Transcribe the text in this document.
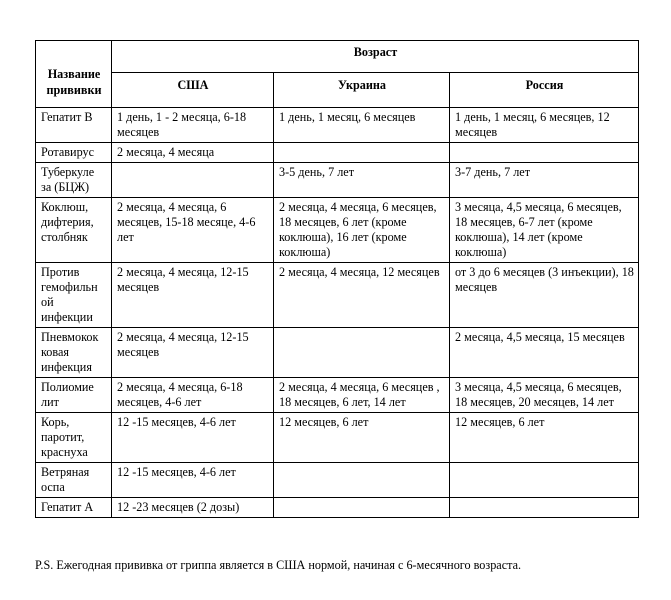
Название прививки	Возраст		
	США	Украина	Россия
Гепатит В	1 день, 1 - 2 месяца, 6-18 месяцев	1 день, 1 месяц, 6 месяцев	1 день, 1 месяц, 6 месяцев, 12 месяцев
Ротавирус	2 месяца, 4 месяца		
Туберкуле за (БЦЖ)		3-5 день, 7 лет	3-7 день, 7 лет
Коклюш, дифтерия, столбняк	2 месяца, 4 месяца, 6 месяцев, 15-18 месяце, 4-6 лет	2 месяца, 4 месяца, 6 месяцев, 18 месяцев, 6 лет (кроме коклюша), 16 лет (кроме коклюша)	3 месяца, 4,5 месяца, 6 месяцев, 18 месяцев, 6-7 лет (кроме коклюша), 14 лет (кроме коклюша)
Против гемофильн ой инфекции	2 месяца, 4 месяца, 12-15 месяцев	2 месяца, 4 месяца, 12 месяцев	от 3 до 6 месяцев (3 инъекции), 18 месяцев
Пневмокок ковая инфекция	2 месяца, 4 месяца, 12-15 месяцев		2 месяца, 4,5 месяца, 15 месяцев
Полиомие лит	2 месяца, 4 месяца, 6-18 месяцев, 4-6 лет	2 месяца, 4 месяца, 6 месяцев , 18 месяцев, 6 лет, 14 лет	3 месяца, 4,5 месяца, 6 месяцев, 18 месяцев, 20 месяцев, 14 лет
Корь, паротит, краснуха	12 -15 месяцев, 4-6 лет	12 месяцев, 6 лет	12 месяцев, 6 лет
Ветряная оспа	12 -15 месяцев, 4-6 лет		
Гепатит А	12 -23 месяцев (2 дозы)		
P.S. Ежегодная прививка от гриппа является в США нормой, начиная с 6-месячного возраста.
